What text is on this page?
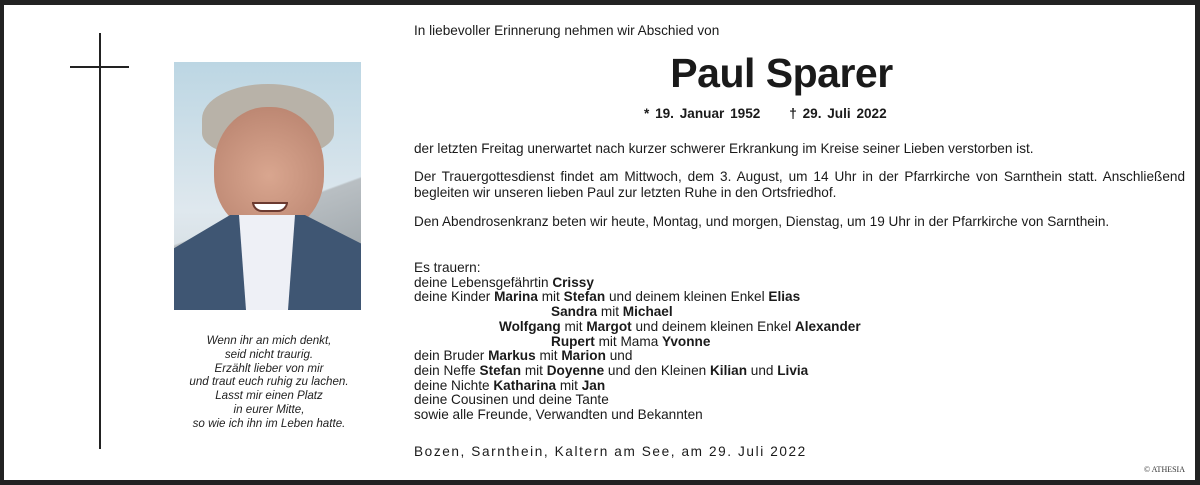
Wenn ihr an mich denkt,
seid nicht traurig.
Erzählt lieber von mir
und traut euch ruhig zu lachen.
Lasst mir einen Platz
in eurer Mitte,
so wie ich ihn im Leben hatte.
In liebevoller Erinnerung nehmen wir Abschied von
Paul Sparer
* 19. Januar 1952 † 29. Juli 2022
der letzten Freitag unerwartet nach kurzer schwerer Erkrankung im Kreise seiner Lieben verstorben ist.
Der Trauergottesdienst findet am Mittwoch, dem 3. August, um 14 Uhr in der Pfarrkirche von Sarnthein statt. Anschließend begleiten wir unseren lieben Paul zur letzten Ruhe in den Ortsfriedhof.
Den Abendrosenkranz beten wir heute, Montag, und morgen, Dienstag, um 19 Uhr in der Pfarrkirche von Sarnthein.
Es trauern:
deine Lebensgefährtin Crissy
deine Kinder Marina mit Stefan und deinem kleinen Enkel Elias
Sandra mit Michael
Wolfgang mit Margot und deinem kleinen Enkel Alexander
Rupert mit Mama Yvonne
dein Bruder Markus mit Marion und
dein Neffe Stefan mit Doyenne und den Kleinen Kilian und Livia
deine Nichte Katharina mit Jan
deine Cousinen und deine Tante
sowie alle Freunde, Verwandten und Bekannten
Bozen, Sarnthein, Kaltern am See, am 29. Juli 2022
© ATHESIA
